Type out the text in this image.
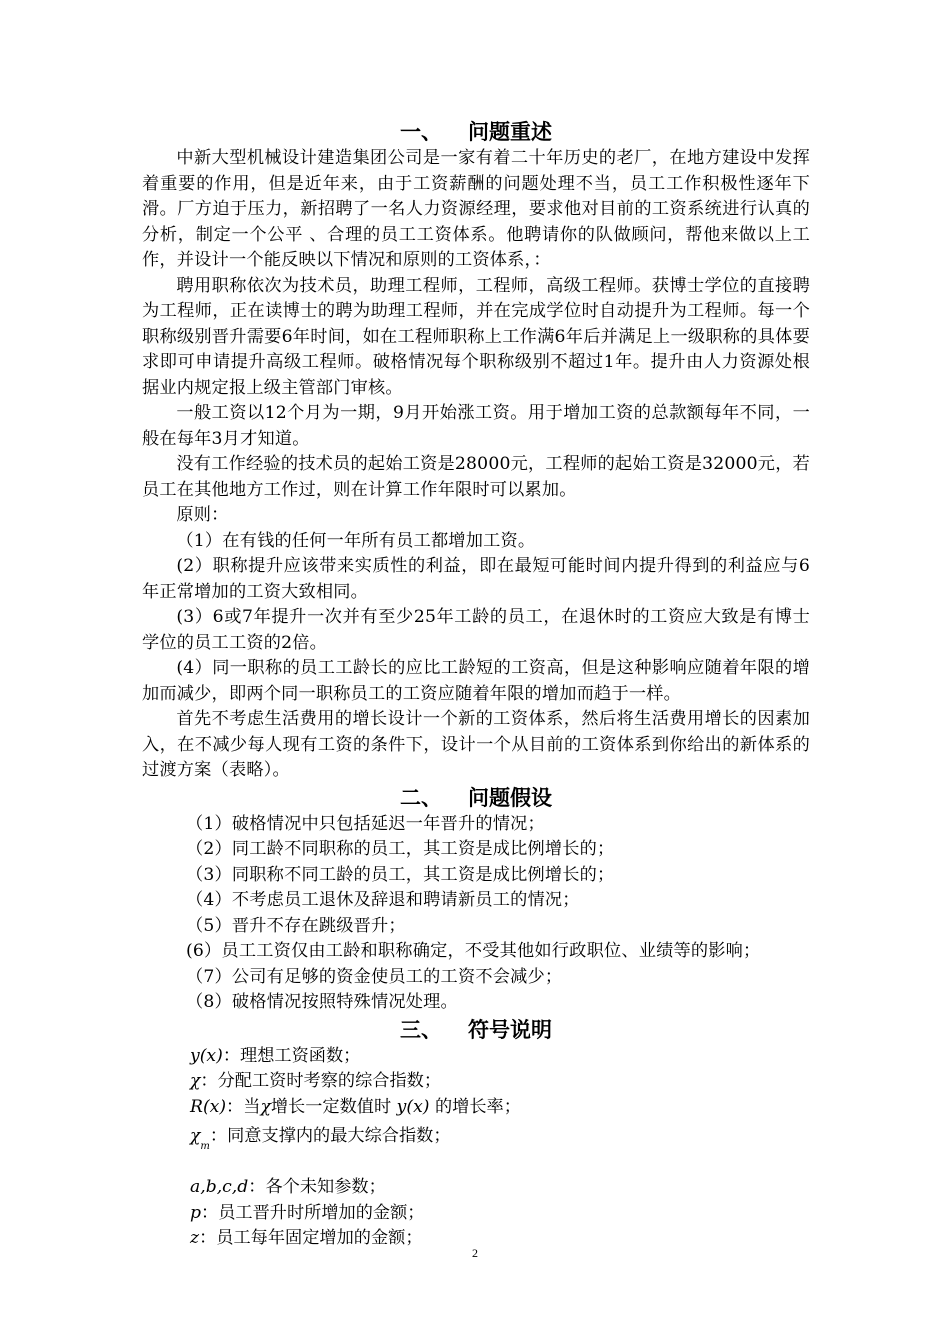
一、 问题重述

中新大型机械设计建造集团公司是一家有着二十年历史的老厂，在地方建设中发挥着重要的作用，但是近年来，由于工资薪酬的问题处理不当，员工工作积极性逐年下滑。厂方迫于压力，新招聘了一名人力资源经理，要求他对目前的工资系统进行认真的分析，制定一个公平 、合理的员工工资体系。他聘请你的队做顾问，帮他来做以上工作，并设计一个能反映以下情况和原则的工资体系，：

聘用职称依次为技术员，助理工程师，工程师，高级工程师。获博士学位的直接聘为工程师，正在读博士的聘为助理工程师，并在完成学位时自动提升为工程师。每一个职称级别晋升需要6年时间，如在工程师职称上工作满6年后并满足上一级职称的具体要求即可申请提升高级工程师。破格情况每个职称级别不超过1年。提升由人力资源处根据业内规定报上级主管部门审核。

一般工资以12个月为一期，9月开始涨工资。用于增加工资的总款额每年不同，一般在每年3月才知道。

没有工作经验的技术员的起始工资是28000元，工程师的起始工资是32000元，若员工在其他地方工作过，则在计算工作年限时可以累加。

原则：

（1）在有钱的任何一年所有员工都增加工资。

(2）职称提升应该带来实质性的利益，即在最短可能时间内提升得到的利益应与6年正常增加的工资大致相同。

(3）6或7年提升一次并有至少25年工龄的员工，在退休时的工资应大致是有博士学位的员工工资的2倍。

(4）同一职称的员工工龄长的应比工龄短的工资高，但是这种影响应随着年限的增加而减少，即两个同一职称员工的工资应随着年限的增加而趋于一样。

首先不考虑生活费用的增长设计一个新的工资体系，然后将生活费用增长的因素加入，在不减少每人现有工资的条件下，设计一个从目前的工资体系到你给出的新体系的过渡方案（表略）。

二、 问题假设

（1）破格情况中只包括延迟一年晋升的情况；

（2）同工龄不同职称的员工，其工资是成比例增长的；

（3）同职称不同工龄的员工，其工资是成比例增长的；

（4）不考虑员工退休及辞退和聘请新员工的情况；

（5）晋升不存在跳级晋升；

(6）员工工资仅由工龄和职称确定，不受其他如行政职位、业绩等的影响；

（7）公司有足够的资金使员工的工资不会减少；

（8）破格情况按照特殊情况处理。

三、 符号说明

y(x)：理想工资函数；

χ：分配工资时考察的综合指数；

R(x)：当χ增长一定数值时 y(x) 的增长率；

$\chi_m$：同意支撑内的最大综合指数；

a,b,c,d：各个未知参数；

p：员工晋升时所增加的金额；

z：员工每年固定增加的金额；

2
